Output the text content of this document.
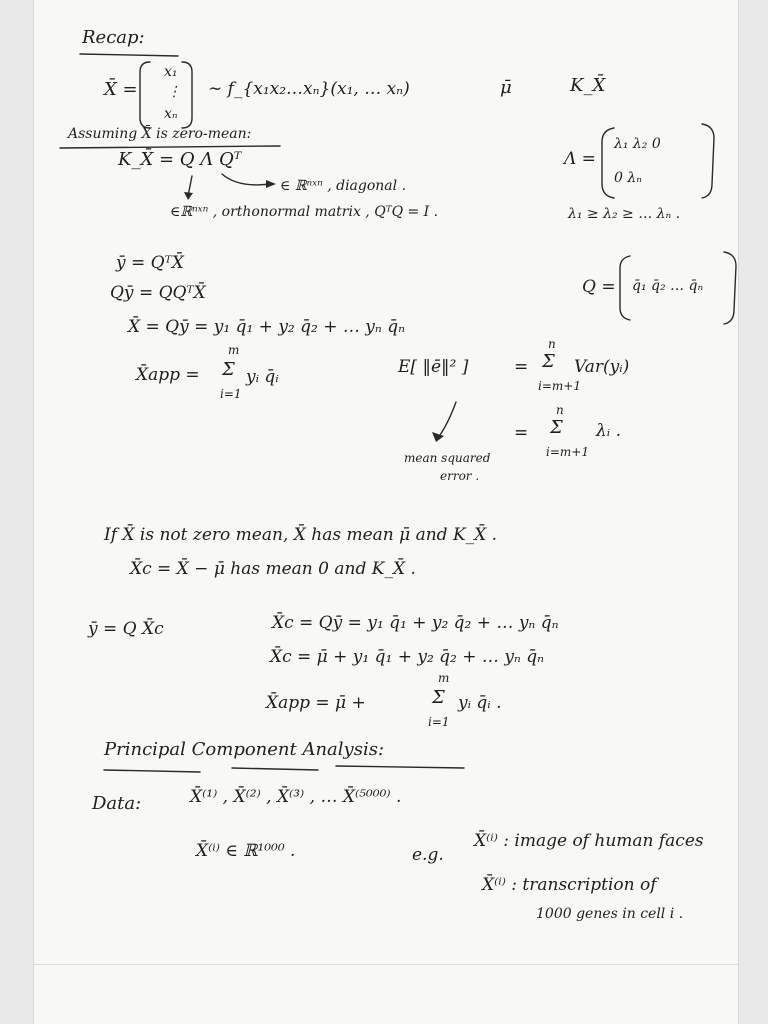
Recap:
X̄ =
x₁
⋮
xₙ
∼ f_{x₁x₂…xₙ}(x₁, … xₙ)	μ̄	K_X̄
Assuming X̄ is zero-mean:
K_X̄ = Q Λ Qᵀ	Λ =
λ₁ λ₂ 0
0 λₙ
∈ ℝⁿˣⁿ , diagonal .
∈ℝⁿˣⁿ , orthonormal matrix , QᵀQ = I .	λ₁ ≥ λ₂ ≥ … λₙ .
ȳ = QᵀX̄
Qȳ = QQᵀX̄	Q = q̄₁ q̄₂ … q̄ₙ
X̄ = Qȳ = y₁ q̄₁ + y₂ q̄₂ + … yₙ q̄ₙ
X̄app =
m
Σ
i=1
yᵢ q̄ᵢ	E[ ‖ē‖² ]	=
n
Σ
i=m+1
Var(yᵢ)
=
n
Σ
i=m+1
λᵢ .
mean squared
error .
If X̄ is not zero mean, X̄ has mean μ̄ and K_X̄ .
X̄c = X̄ − μ̄ has mean 0 and K_X̄ .
ȳ = Q X̄c	X̄c = Qȳ = y₁ q̄₁ + y₂ q̄₂ + … yₙ q̄ₙ
X̄c = μ̄ + y₁ q̄₁ + y₂ q̄₂ + … yₙ q̄ₙ
X̄app = μ̄ +
m
Σ
i=1
yᵢ q̄ᵢ .
Principal Component Analysis:
Data:	X̄⁽¹⁾ , X̄⁽²⁾ , X̄⁽³⁾ , … X̄⁽⁵⁰⁰⁰⁾ .
X̄⁽ⁱ⁾ ∈ ℝ¹⁰⁰⁰ .	e.g.
X̄⁽ⁱ⁾ : image of human faces
X̄⁽ⁱ⁾ : transcription of
1000 genes in cell i .
